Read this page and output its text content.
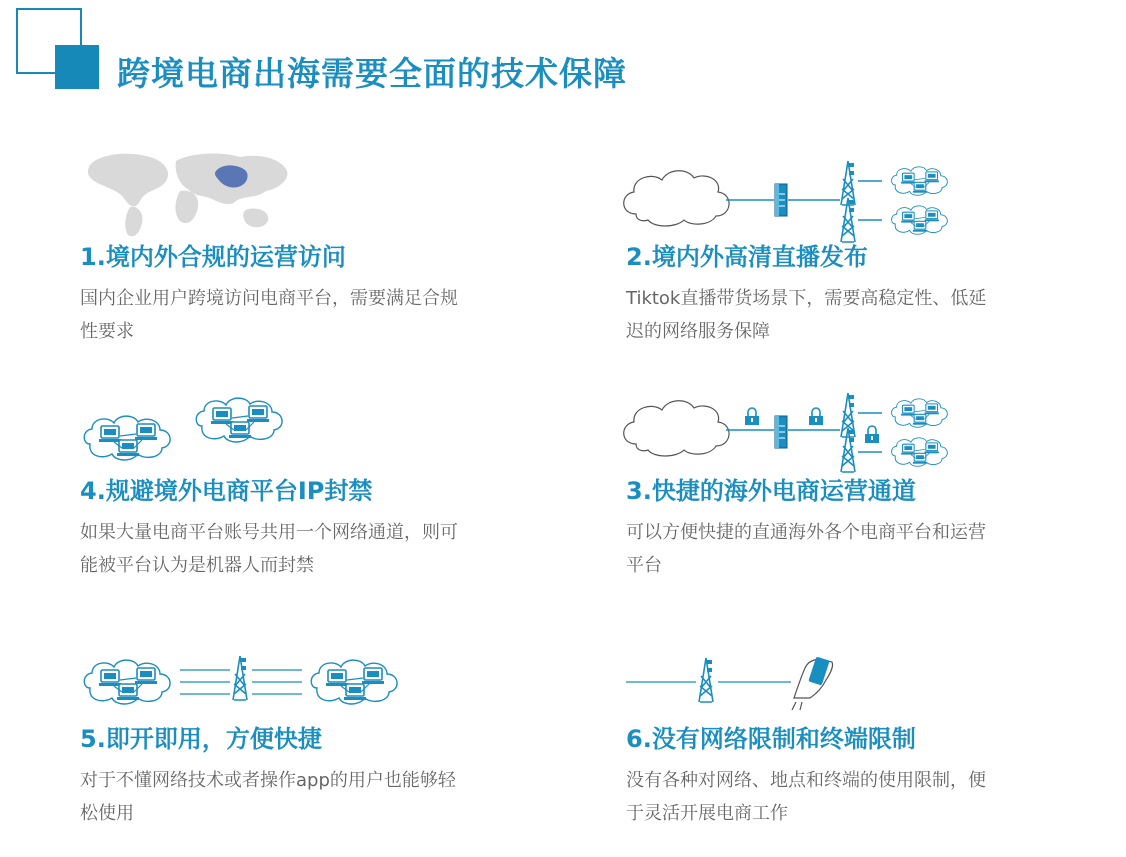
跨境电商出海需要全面的技术保障
1.境内外合规的运营访问
国内企业用户跨境访问电商平台，需要满足合规
性要求
2.境内外高清直播发布
Tiktok直播带货场景下，需要高稳定性、低延
迟的网络服务保障
4.规避境外电商平台IP封禁
如果大量电商平台账号共用一个网络通道，则可
能被平台认为是机器人而封禁
3.快捷的海外电商运营通道
可以方便快捷的直通海外各个电商平台和运营
平台
5.即开即用，方便快捷
对于不懂网络技术或者操作app的用户也能够轻
松使用
6.没有网络限制和终端限制
没有各种对网络、地点和终端的使用限制，便
于灵活开展电商工作
